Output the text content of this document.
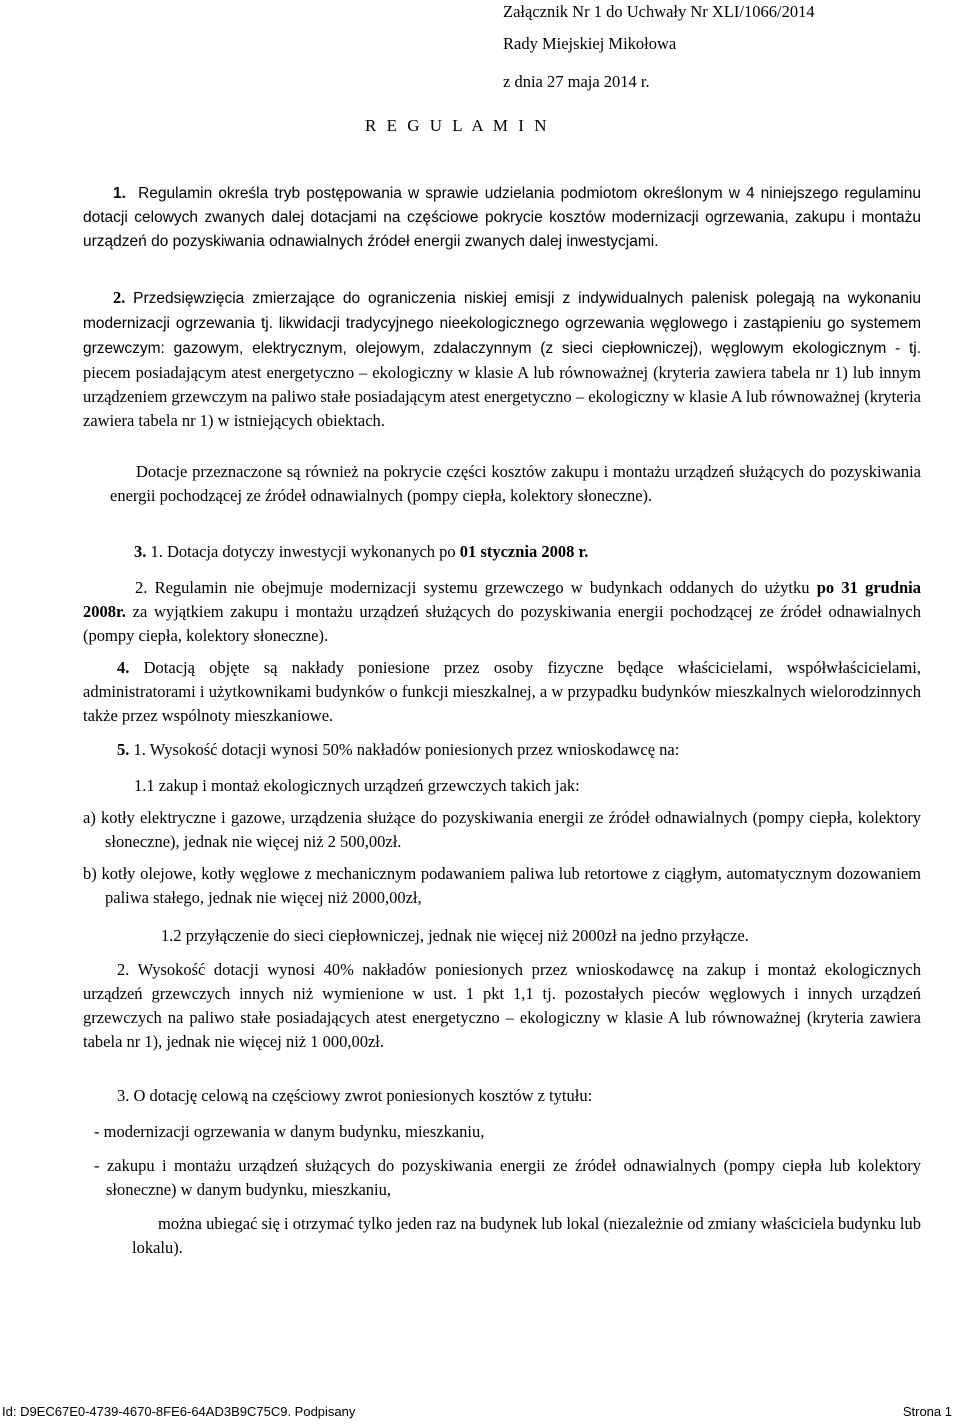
Załącznik Nr 1 do Uchwały Nr XLI/1066/2014
Rady Miejskiej Mikołowa
z dnia 27 maja 2014 r.
R E G U L A M I N
1. Regulamin określa tryb postępowania w sprawie udzielania podmiotom określonym w 4 niniejszego regulaminu dotacji celowych zwanych dalej dotacjami na częściowe pokrycie kosztów modernizacji ogrzewania, zakupu i montażu urządzeń do pozyskiwania odnawialnych źródeł energii zwanych dalej inwestycjami.
2. Przedsięwzięcia zmierzające do ograniczenia niskiej emisji z indywidualnych palenisk polegają na wykonaniu modernizacji ogrzewania tj. likwidacji tradycyjnego nieekologicznego ogrzewania węglowego i zastąpieniu go systemem grzewczym: gazowym, elektrycznym, olejowym, zdalaczynnym (z sieci ciepłowniczej), węglowym ekologicznym - tj. piecem posiadającym atest energetyczno – ekologiczny w klasie A lub równoważnej (kryteria zawiera tabela nr 1) lub innym urządzeniem grzewczym na paliwo stałe posiadającym atest energetyczno – ekologiczny w klasie A lub równoważnej (kryteria zawiera tabela nr 1) w istniejących obiektach.
Dotacje przeznaczone są również na pokrycie części kosztów zakupu i montażu urządzeń służących do pozyskiwania energii pochodzącej ze źródeł odnawialnych (pompy ciepła, kolektory słoneczne).
3. 1. Dotacja dotyczy inwestycji wykonanych po 01 stycznia 2008 r.
2. Regulamin nie obejmuje modernizacji systemu grzewczego w budynkach oddanych do użytku po 31 grudnia 2008r. za wyjątkiem zakupu i montażu urządzeń służących do pozyskiwania energii pochodzącej ze źródeł odnawialnych (pompy ciepła, kolektory słoneczne).
4. Dotacją objęte są nakłady poniesione przez osoby fizyczne będące właścicielami, współwłaścicielami, administratorami i użytkownikami budynków o funkcji mieszkalnej, a w przypadku budynków mieszkalnych wielorodzinnych także przez wspólnoty mieszkaniowe.
5. 1. Wysokość dotacji wynosi 50% nakładów poniesionych przez wnioskodawcę na:
1.1 zakup i montaż ekologicznych urządzeń grzewczych takich jak:
a) kotły elektryczne i gazowe, urządzenia służące do pozyskiwania energii ze źródeł odnawialnych (pompy ciepła, kolektory słoneczne), jednak nie więcej niż 2 500,00zł.
b) kotły olejowe, kotły węglowe z mechanicznym podawaniem paliwa lub retortowe z ciągłym, automatycznym dozowaniem paliwa stałego, jednak nie więcej niż 2000,00zł,
1.2 przyłączenie do sieci ciepłowniczej, jednak nie więcej niż 2000zł na jedno przyłącze.
2. Wysokość dotacji wynosi 40% nakładów poniesionych przez wnioskodawcę na zakup i montaż ekologicznych urządzeń grzewczych innych niż wymienione w ust. 1 pkt 1,1 tj. pozostałych pieców węglowych i innych urządzeń grzewczych na paliwo stałe posiadających atest energetyczno – ekologiczny w klasie A lub równoważnej (kryteria zawiera tabela nr 1), jednak nie więcej niż 1 000,00zł.
3. O dotację celową na częściowy zwrot poniesionych kosztów z tytułu:
- modernizacji ogrzewania w danym budynku, mieszkaniu,
- zakupu i montażu urządzeń służących do pozyskiwania energii ze źródeł odnawialnych (pompy ciepła lub kolektory słoneczne) w danym budynku, mieszkaniu,
można ubiegać się i otrzymać tylko jeden raz na budynek lub lokal (niezależnie od zmiany właściciela budynku lub lokalu).
Id: D9EC67E0-4739-4670-8FE6-64AD3B9C75C9. Podpisany	Strona 1
